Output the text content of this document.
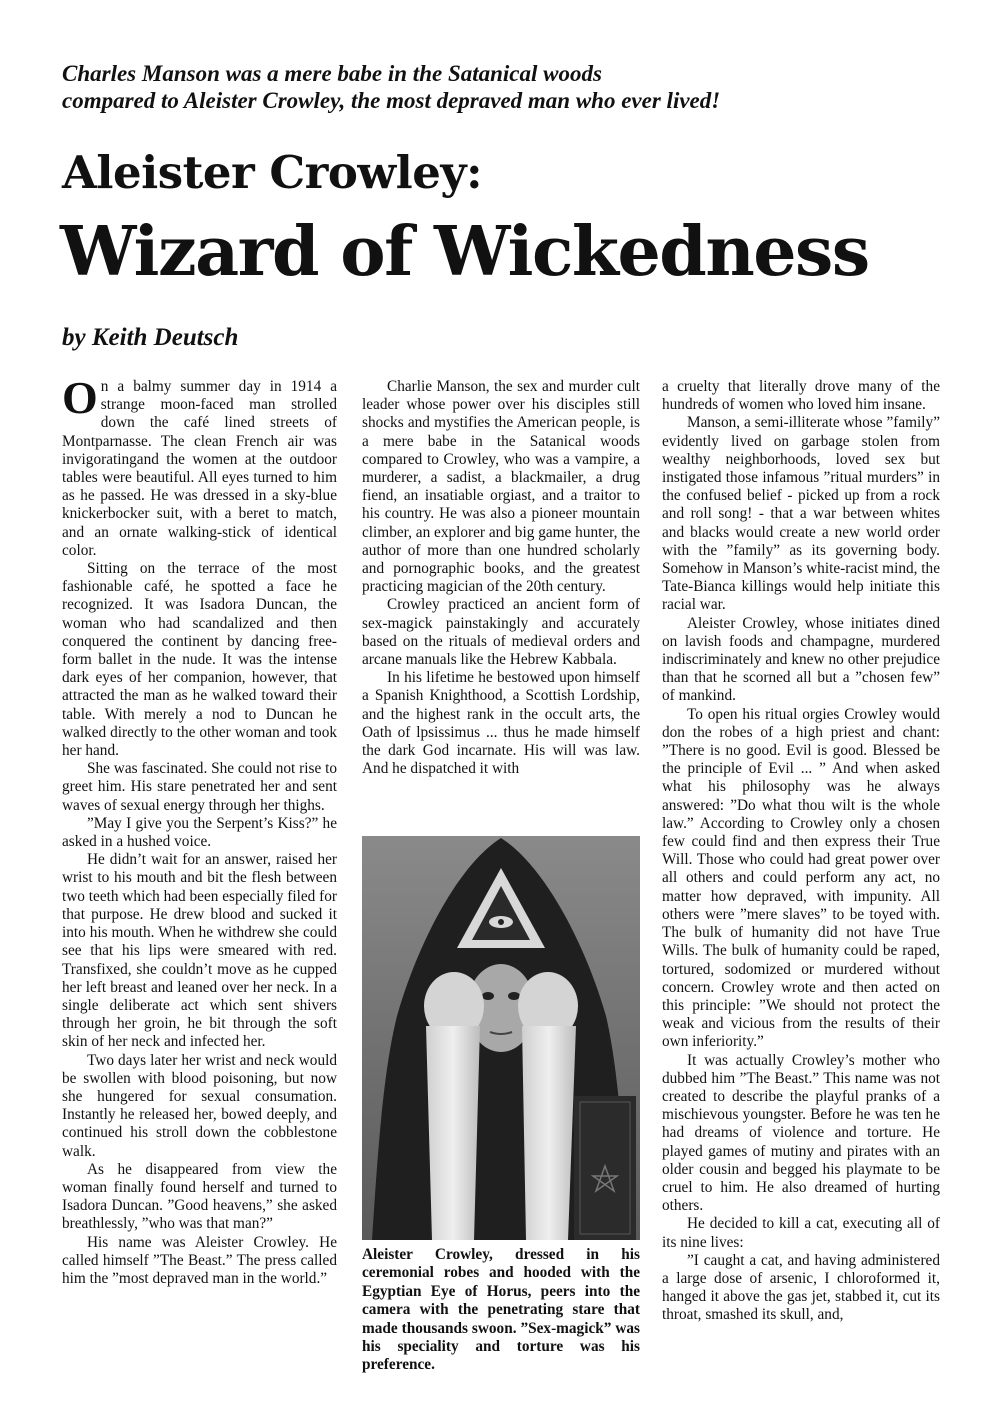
Charles Manson was a mere babe in the Satanical woods
compared to Aleister Crowley, the most depraved man who ever lived!
Aleister Crowley:
Wizard of Wickedness
by Keith Deutsch

On a balmy summer day in 1914 a strange moon-faced man strolled down the café lined streets of Montparnasse. The clean French air was invigoratingand the women at the outdoor tables were beautiful. All eyes turned to him as he passed. He was dressed in a sky-blue knickerbocker suit, with a beret to match, and an ornate walking-stick of identical color.

Sitting on the terrace of the most fashionable café, he spotted a face he recognized. It was Isadora Duncan, the woman who had scandalized and then conquered the continent by dancing free-form ballet in the nude. It was the intense dark eyes of her companion, however, that attracted the man as he walked toward their table. With merely a nod to Duncan he walked directly to the other woman and took her hand.

She was fascinated. She could not rise to greet him. His stare penetrated her and sent waves of sexual energy through her thighs.

”May I give you the Serpent’s Kiss?” he asked in a hushed voice.

He didn’t wait for an answer, raised her wrist to his mouth and bit the flesh between two teeth which had been especially filed for that purpose. He drew blood and sucked it into his mouth. When he withdrew she could see that his lips were smeared with red. Transfixed, she couldn’t move as he cupped her left breast and leaned over her neck. In a single deliberate act which sent shivers through her groin, he bit through the soft skin of her neck and infected her.

Two days later her wrist and neck would be swollen with blood poisoning, but now she hungered for sexual consumation. Instantly he released her, bowed deeply, and continued his stroll down the cobblestone walk.

As he disappeared from view the woman finally found herself and turned to Isadora Duncan. ”Good heavens,” she asked breathlessly, ”who was that man?”

His name was Aleister Crowley. He called himself ”The Beast.” The press called him the ”most depraved man in the world.”

Charlie Manson, the sex and murder cult leader whose power over his disciples still shocks and mystifies the American people, is a mere babe in the Satanical woods compared to Crowley, who was a vampire, a murderer, a sadist, a blackmailer, a drug fiend, an insatiable orgiast, and a traitor to his country. He was also a pioneer mountain climber, an explorer and big game hunter, the author of more than one hundred scholarly and pornographic books, and the greatest practicing magician of the 20th century.

Crowley practiced an ancient form of sex-magick painstakingly and accurately based on the rituals of medieval orders and arcane manuals like the Hebrew Kabbala.

In his lifetime he bestowed upon himself a Spanish Knighthood, a Scottish Lordship, and the highest rank in the occult arts, the Oath of lpsissimus ... thus he made himself the dark God incarnate. His will was law. And he dispatched it with

Aleister Crowley, dressed in his ceremonial robes and hooded with the Egyptian Eye of Horus, peers into the camera with the penetrating stare that made thousands swoon. ”Sex-magick” was his speciality and torture was his preference.

a cruelty that literally drove many of the hundreds of women who loved him insane.

Manson, a semi-illiterate whose ”family” evidently lived on garbage stolen from wealthy neighborhoods, loved sex but instigated those infamous ”ritual murders” in the confused belief - picked up from a rock and roll song! - that a war between whites and blacks would create a new world order with the ”family” as its governing body. Somehow in Manson’s white-racist mind, the Tate-Bianca killings would help initiate this racial war.

Aleister Crowley, whose initiates dined on lavish foods and champagne, murdered indiscriminately and knew no other prejudice than that he scorned all but a ”chosen few” of mankind.

To open his ritual orgies Crowley would don the robes of a high priest and chant: ”There is no good. Evil is good. Blessed be the principle of Evil ... ” And when asked what his philosophy was he always answered: ”Do what thou wilt is the whole law.” According to Crowley only a chosen few could find and then express their True Will. Those who could had great power over all others and could perform any act, no matter how depraved, with impunity. All others were ”mere slaves” to be toyed with. The bulk of humanity did not have True Wills. The bulk of humanity could be raped, tortured, sodomized or murdered without concern. Crowley wrote and then acted on this principle: ”We should not protect the weak and vicious from the results of their own inferiority.”

It was actually Crowley’s mother who dubbed him ”The Beast.” This name was not created to describe the playful pranks of a mischievous youngster. Before he was ten he had dreams of violence and torture. He played games of mutiny and pirates with an older cousin and begged his playmate to be cruel to him. He also dreamed of hurting others.

He decided to kill a cat, executing all of its nine lives:

”I caught a cat, and having administered a large dose of arsenic, I chloroformed it, hanged it above the gas jet, stabbed it, cut its throat, smashed its skull, and,
